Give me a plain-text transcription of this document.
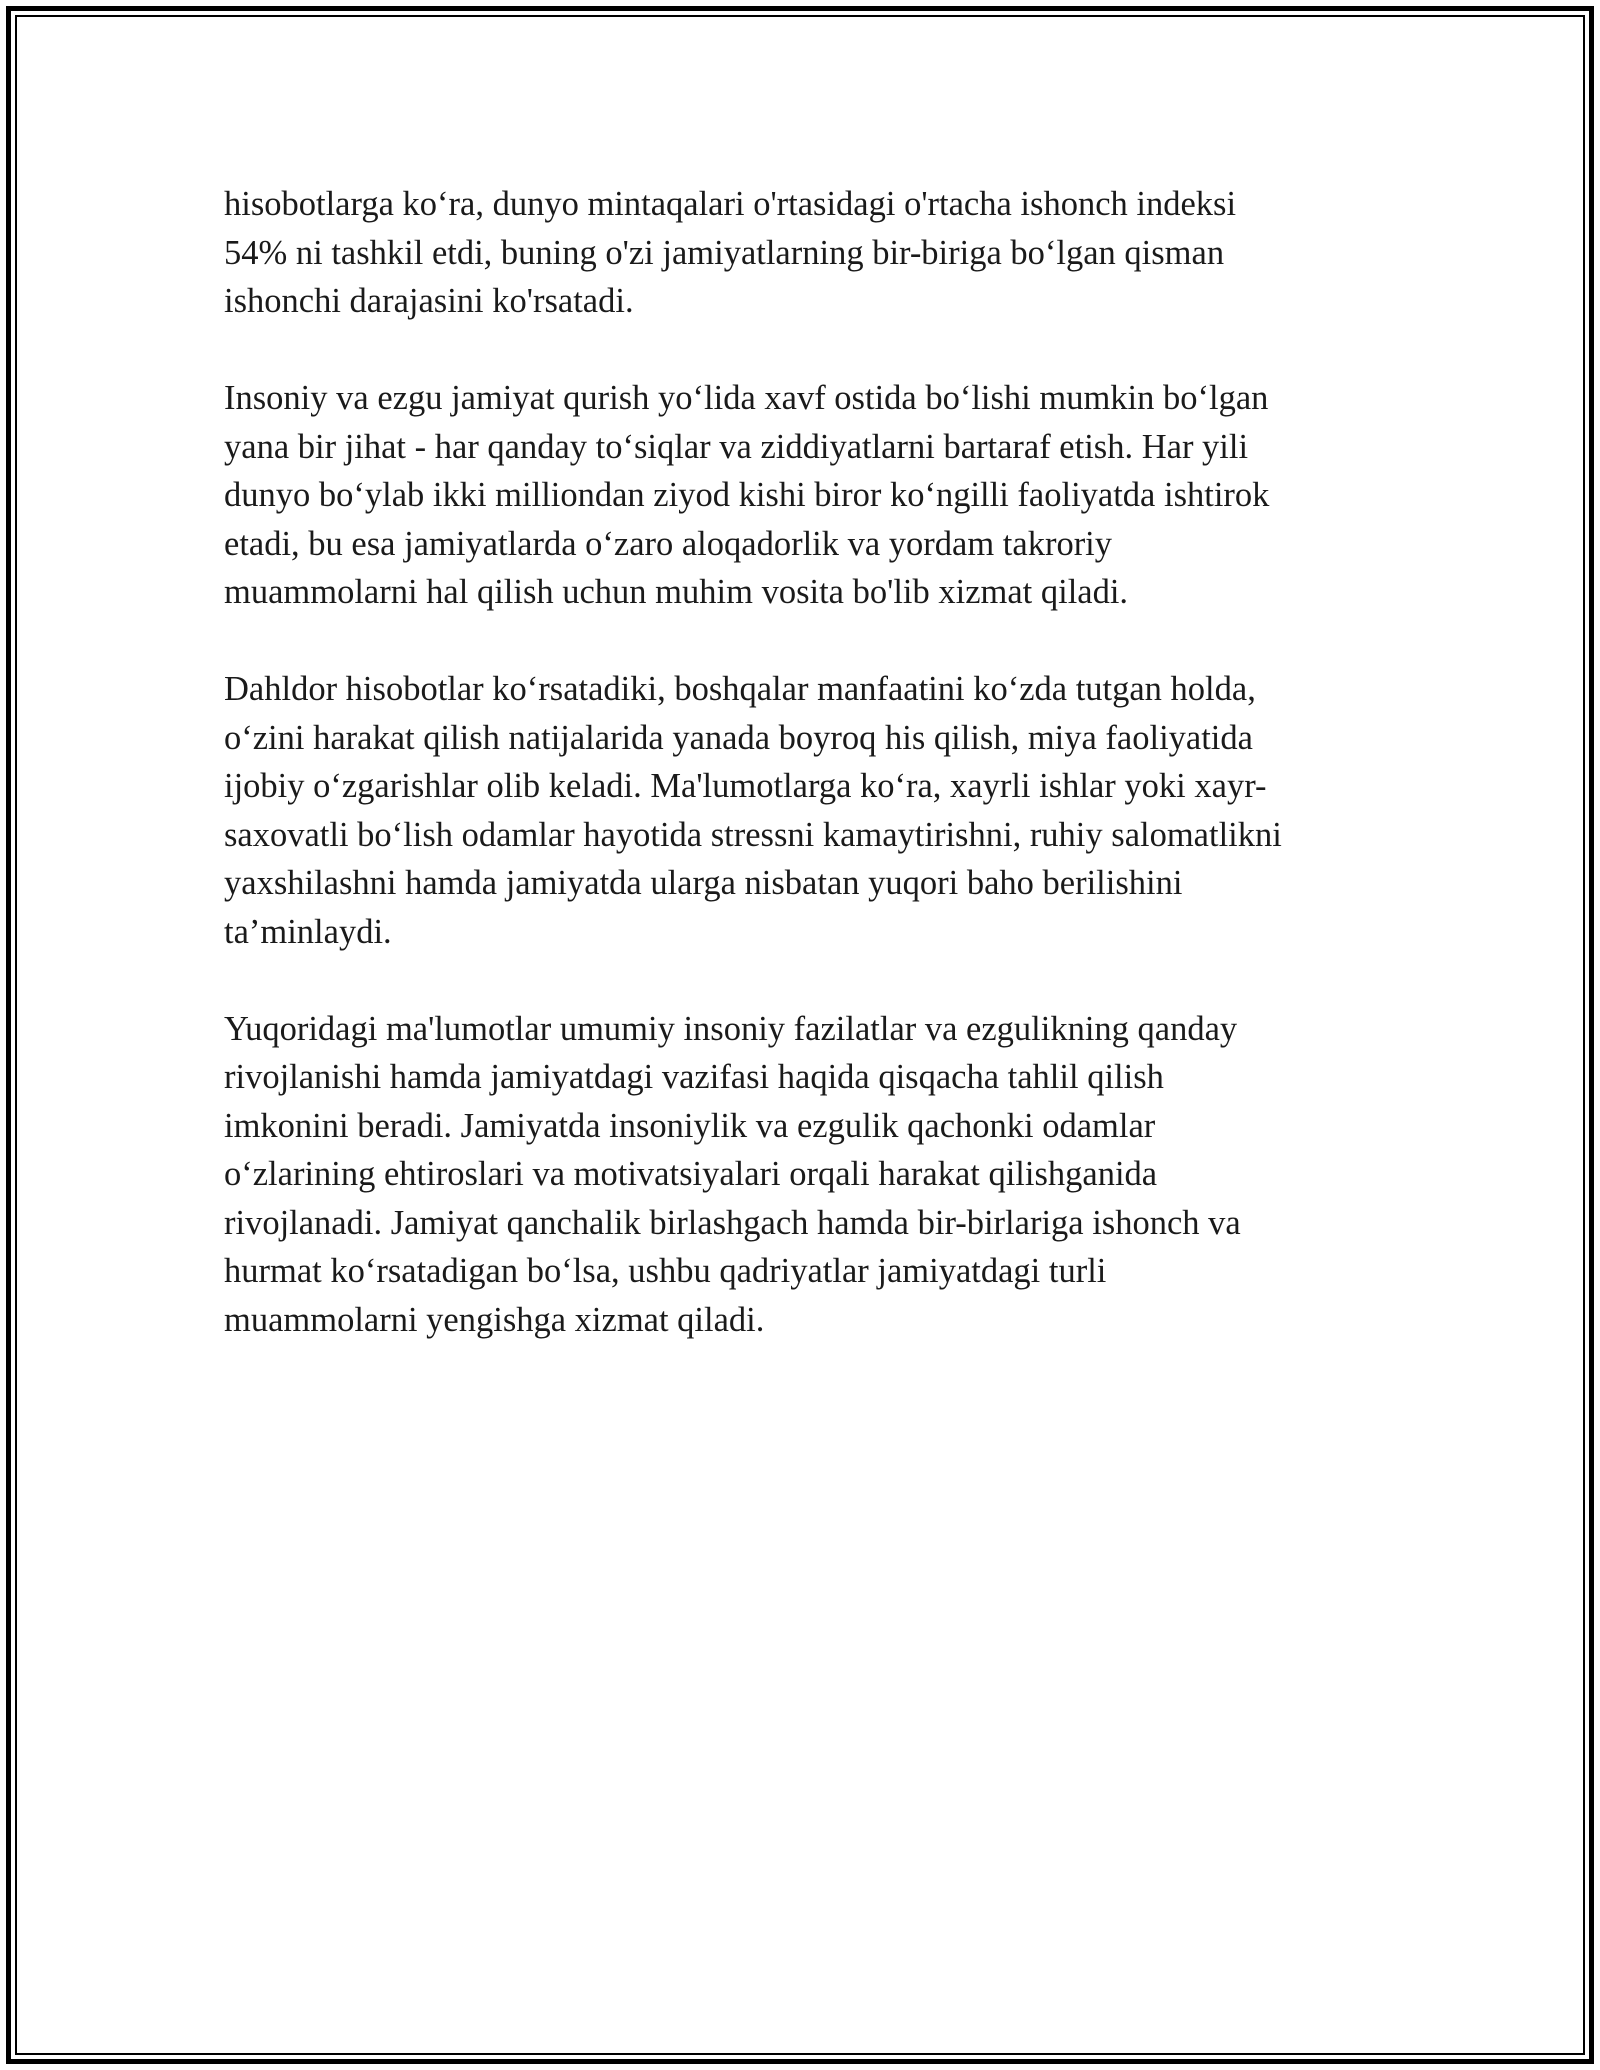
hisobotlarga ko‘ra, dunyo mintaqalari o'rtasidagi o'rtacha ishonch indeksi
54% ni tashkil etdi, buning o'zi jamiyatlarning bir-biriga bo‘lgan qisman
ishonchi darajasini ko'rsatadi.

Insoniy va ezgu jamiyat qurish yo‘lida xavf ostida bo‘lishi mumkin bo‘lgan
yana bir jihat - har qanday to‘siqlar va ziddiyatlarni bartaraf etish. Har yili
dunyo bo‘ylab ikki milliondan ziyod kishi biror ko‘ngilli faoliyatda ishtirok
etadi, bu esa jamiyatlarda o‘zaro aloqadorlik va yordam takroriy
muammolarni hal qilish uchun muhim vosita bo'lib xizmat qiladi.

Dahldor hisobotlar ko‘rsatadiki, boshqalar manfaatini ko‘zda tutgan holda,
o‘zini harakat qilish natijalarida yanada boyroq his qilish, miya faoliyatida
ijobiy o‘zgarishlar olib keladi. Ma'lumotlarga ko‘ra, xayrli ishlar yoki xayr-
saxovatli bo‘lish odamlar hayotida stressni kamaytirishni, ruhiy salomatlikni
yaxshilashni hamda jamiyatda ularga nisbatan yuqori baho berilishini
ta’minlaydi.

Yuqoridagi ma'lumotlar umumiy insoniy fazilatlar va ezgulikning qanday
rivojlanishi hamda jamiyatdagi vazifasi haqida qisqacha tahlil qilish
imkonini beradi. Jamiyatda insoniylik va ezgulik qachonki odamlar
o‘zlarining ehtiroslari va motivatsiyalari orqali harakat qilishganida
rivojlanadi. Jamiyat qanchalik birlashgach hamda bir-birlariga ishonch va
hurmat ko‘rsatadigan bo‘lsa, ushbu qadriyatlar jamiyatdagi turli
muammolarni yengishga xizmat qiladi.
